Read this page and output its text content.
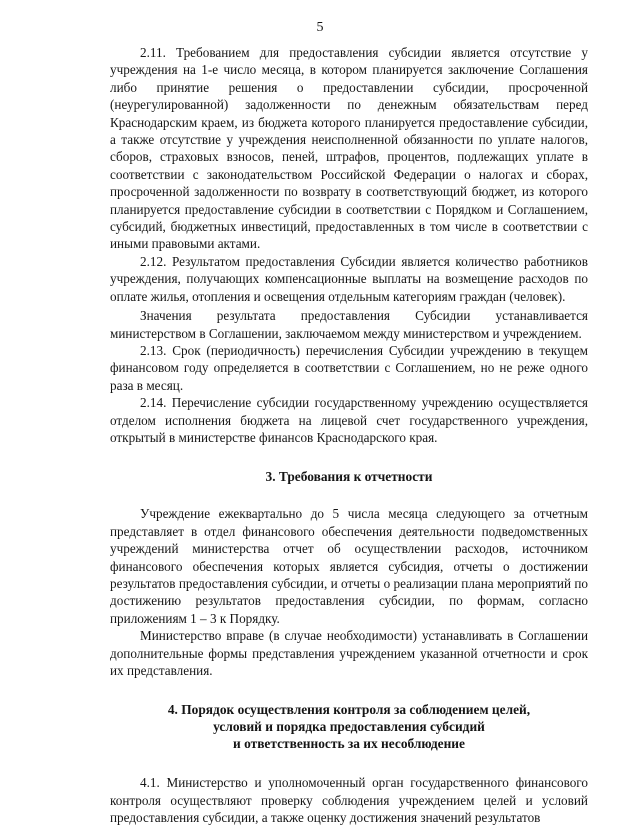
5

2.11. Требованием для предоставления субсидии является отсутствие у учреждения на 1-е число месяца, в котором планируется заключение Соглашения либо принятие решения о предоставлении субсидии, просроченной (неурегулированной) задолженности по денежным обязательствам перед Краснодарским краем, из бюджета которого планируется предоставление субсидии, а также отсутствие у учреждения неисполненной обязанности по уплате налогов, сборов, страховых взносов, пеней, штрафов, процентов, подлежащих уплате в соответствии с законодательством Российской Федерации о налогах и сборах, просроченной задолженности по возврату в соответствующий бюджет, из которого планируется предоставление субсидии в соответствии с Порядком и Соглашением, субсидий, бюджетных инвестиций, предоставленных в том числе в соответствии с иными правовыми актами.

2.12. Результатом предоставления Субсидии является количество работников учреждения, получающих компенсационные выплаты на возмещение расходов по оплате жилья, отопления и освещения отдельным категориям граждан (человек).

Значения результата предоставления Субсидии устанавливается министерством в Соглашении, заключаемом между министерством и учреждением.

2.13. Срок (периодичность) перечисления Субсидии учреждению в текущем финансовом году определяется в соответствии с Соглашением, но не реже одного раза в месяц.

2.14. Перечисление субсидии государственному учреждению осуществляется отделом исполнения бюджета на лицевой счет государственного учреждения, открытый в министерстве финансов Краснодарского края.

3. Требования к отчетности

Учреждение ежеквартально до 5 числа месяца следующего за отчетным представляет в отдел финансового обеспечения деятельности подведомственных учреждений министерства отчет об осуществлении расходов, источником финансового обеспечения которых является субсидия, отчеты о достижении результатов предоставления субсидии, и отчеты о реализации плана мероприятий по достижению результатов предоставления субсидии, по формам, согласно приложениям 1 – 3 к Порядку.

Министерство вправе (в случае необходимости) устанавливать в Соглашении дополнительные формы представления учреждением указанной отчетности и срок их представления.

4. Порядок осуществления контроля за соблюдением целей,
условий и порядка предоставления субсидий
и ответственность за их несоблюдение

4.1. Министерство и уполномоченный орган государственного финансового контроля осуществляют проверку соблюдения учреждением целей и условий предоставления субсидии, а также оценку достижения значений результатов
